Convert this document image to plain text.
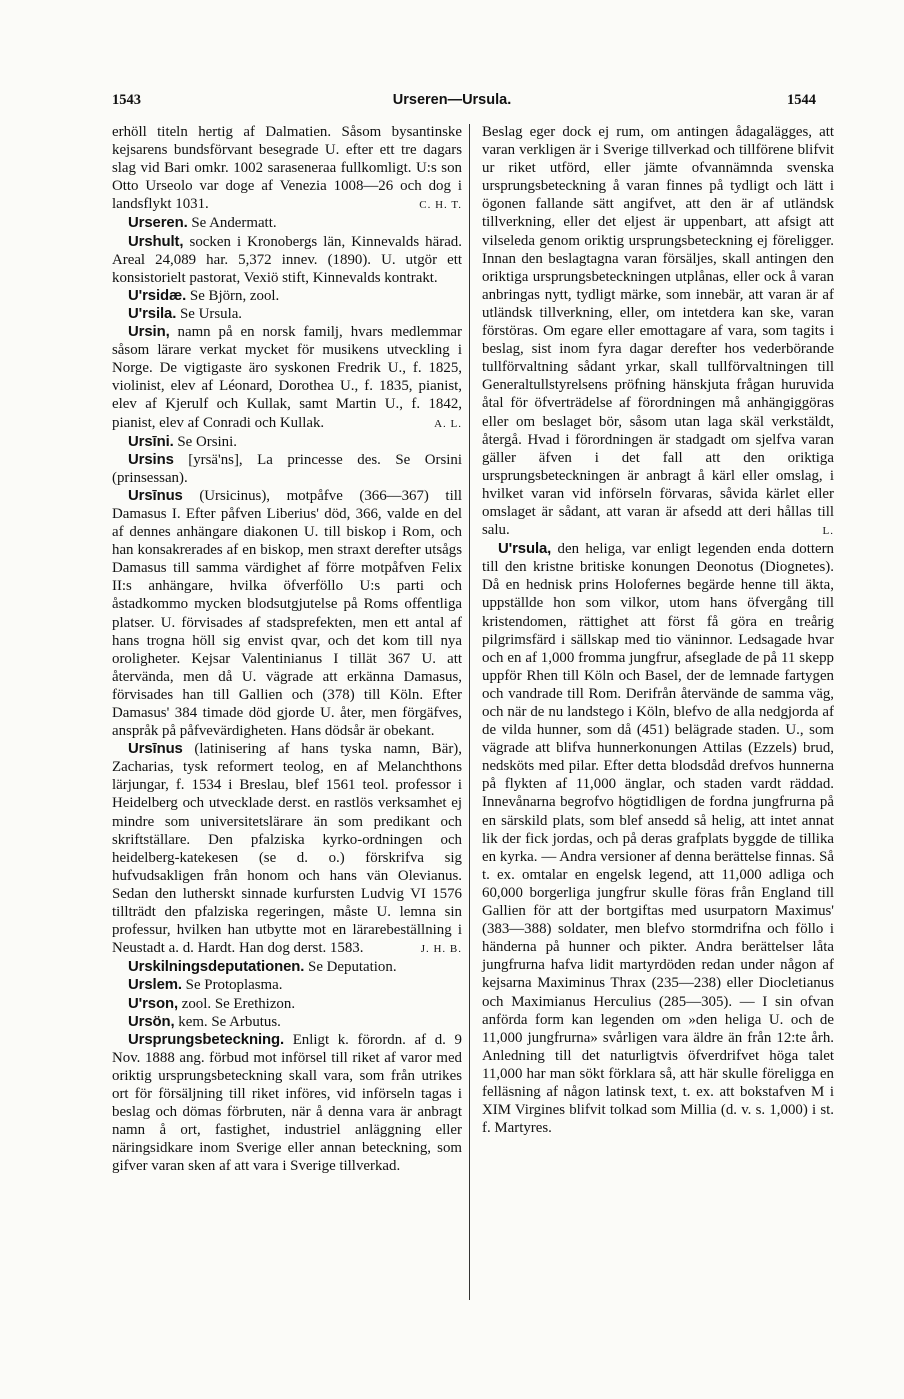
1543	Urseren—Ursula.	1544

erhöll titeln hertig af Dalmatien. Såsom bysantinske kejsarens bundsförvant besegrade U. efter ett tre dagars slag vid Bari omkr. 1002 saraseneraa fullkomligt. U:s son Otto Urseolo var doge af Venezia 1008—26 och dog i landsflykt 1031.	C. H. T.

Urseren. Se Andermatt.

Urshult, socken i Kronobergs län, Kinnevalds härad. Areal 24,089 har. 5,372 innev. (1890). U. utgör ett konsistorielt pastorat, Vexiö stift, Kinnevalds kontrakt.

U'rsidæ. Se Björn, zool.

U'rsila. Se Ursula.

Ursin, namn på en norsk familj, hvars medlemmar såsom lärare verkat mycket för musikens utveckling i Norge. De vigtigaste äro syskonen Fredrik U., f. 1825, violinist, elev af Léonard, Dorothea U., f. 1835, pianist, elev af Kjerulf och Kullak, samt Martin U., f. 1842, pianist, elev af Conradi och Kullak.	A. L.

Ursīni. Se Orsini.

Ursins [yrsä'ns], La princesse des. Se Orsini (prinsessan).

Ursīnus (Ursicinus), motpåfve (366—367) till Damasus I. Efter påfven Liberius' död, 366, valde en del af dennes anhängare diakonen U. till biskop i Rom, och han konsakrerades af en biskop, men straxt derefter utsågs Damasus till samma värdighet af förre motpåfven Felix II:s anhängare, hvilka öfverföllo U:s parti och åstadkommo mycken blodsutgjutelse på Roms offentliga platser. U. förvisades af stadsprefekten, men ett antal af hans trogna höll sig envist qvar, och det kom till nya oroligheter. Kejsar Valentinianus I tillät 367 U. att återvända, men då U. vägrade att erkänna Damasus, förvisades han till Gallien och (378) till Köln. Efter Damasus' 384 timade död gjorde U. åter, men förgäfves, anspråk på påfvevärdigheten. Hans dödsår är obekant.

Ursīnus (latinisering af hans tyska namn, Bär), Zacharias, tysk reformert teolog, en af Melanchthons lärjungar, f. 1534 i Breslau, blef 1561 teol. professor i Heidelberg och utvecklade derst. en rastlös verksamhet ej mindre som universitetslärare än som predikant och skriftställare. Den pfalziska kyrko-ordningen och heidelberg-katekesen (se d. o.) förskrifva sig hufvudsakligen från honom och hans vän Olevianus. Sedan den lutherskt sinnade kurfursten Ludvig VI 1576 tillträdt den pfalziska regeringen, måste U. lemna sin professur, hvilken han utbytte mot en lärarebeställning i Neustadt a. d. Hardt. Han dog derst. 1583.	J. H. B.

Urskilningsdeputationen. Se Deputation.

Urslem. Se Protoplasma.

U'rson, zool. Se Erethizon.

Ursön, kem. Se Arbutus.

Ursprungsbeteckning. Enligt k. förordn. af d. 9 Nov. 1888 ang. förbud mot införsel till riket af varor med oriktig ursprungsbeteckning skall vara, som från utrikes ort för försäljning till riket införes, vid införseln tagas i beslag och dömas förbruten, när å denna vara är anbragt namn å ort, fastighet, industriel anläggning eller näringsidkare inom Sverige eller annan beteckning, som gifver varan sken af att vara i Sverige tillverkad.

Beslag eger dock ej rum, om antingen ådagalägges, att varan verkligen är i Sverige tillverkad och tillförene blifvit ur riket utförd, eller jämte ofvannämnda svenska ursprungsbeteckning å varan finnes på tydligt och lätt i ögonen fallande sätt angifvet, att den är af utländsk tillverkning, eller det eljest är uppenbart, att afsigt att vilseleda genom oriktig ursprungsbeteckning ej föreligger. Innan den beslagtagna varan försäljes, skall antingen den oriktiga ursprungsbeteckningen utplånas, eller ock å varan anbringas nytt, tydligt märke, som innebär, att varan är af utländsk tillverkning, eller, om intetdera kan ske, varan förstöras. Om egare eller emottagare af vara, som tagits i beslag, sist inom fyra dagar derefter hos vederbörande tullförvaltning sådant yrkar, skall tullförvaltningen till Generaltullstyrelsens pröfning hänskjuta frågan huruvida åtal för öfverträdelse af förordningen må anhängiggöras eller om beslaget bör, såsom utan laga skäl verkstäldt, återgå. Hvad i förordningen är stadgadt om sjelfva varan gäller äfven i det fall att den oriktiga ursprungsbeteckningen är anbragt å kärl eller omslag, i hvilket varan vid införseln förvaras, såvida kärlet eller omslaget är sådant, att varan är afsedd att deri hållas till salu.	L.

U'rsula, den heliga, var enligt legenden enda dottern till den kristne britiske konungen Deonotus (Diognetes). Då en hednisk prins Holofernes begärde henne till äkta, uppställde hon som vilkor, utom hans öfvergång till kristendomen, rättighet att först få göra en treårig pilgrimsfärd i sällskap med tio väninnor. Ledsagade hvar och en af 1,000 fromma jungfrur, afseglade de på 11 skepp uppför Rhen till Köln och Basel, der de lemnade fartygen och vandrade till Rom. Derifrån återvände de samma väg, och när de nu landstego i Köln, blefvo de alla nedgjorda af de vilda hunner, som då (451) belägrade staden. U., som vägrade att blifva hunnerkonungen Attilas (Ezzels) brud, nedsköts med pilar. Efter detta blodsdåd drefvos hunnerna på flykten af 11,000 änglar, och staden vardt räddad. Innevånarna begrofvo högtidligen de fordna jungfrurna på en särskild plats, som blef ansedd så helig, att intet annat lik der fick jordas, och på deras grafplats byggde de tillika en kyrka. — Andra versioner af denna berättelse finnas. Så t. ex. omtalar en engelsk legend, att 11,000 adliga och 60,000 borgerliga jungfrur skulle föras från England till Gallien för att der bortgiftas med usurpatorn Maximus' (383—388) soldater, men blefvo stormdrifna och föllo i händerna på hunner och pikter. Andra berättelser låta jungfrurna hafva lidit martyrdöden redan under någon af kejsarna Maximinus Thrax (235—238) eller Diocletianus och Maximianus Herculius (285—305). — I sin ofvan anförda form kan legenden om »den heliga U. och de 11,000 jungfrurna» svårligen vara äldre än från 12:te årh. Anledning till det naturligtvis öfverdrifvet höga talet 11,000 har man sökt förklara så, att här skulle föreligga en felläsning af någon latinsk text, t. ex. att bokstafven M i XIM Virgines blifvit tolkad som Millia (d. v. s. 1,000) i st. f. Martyres.
